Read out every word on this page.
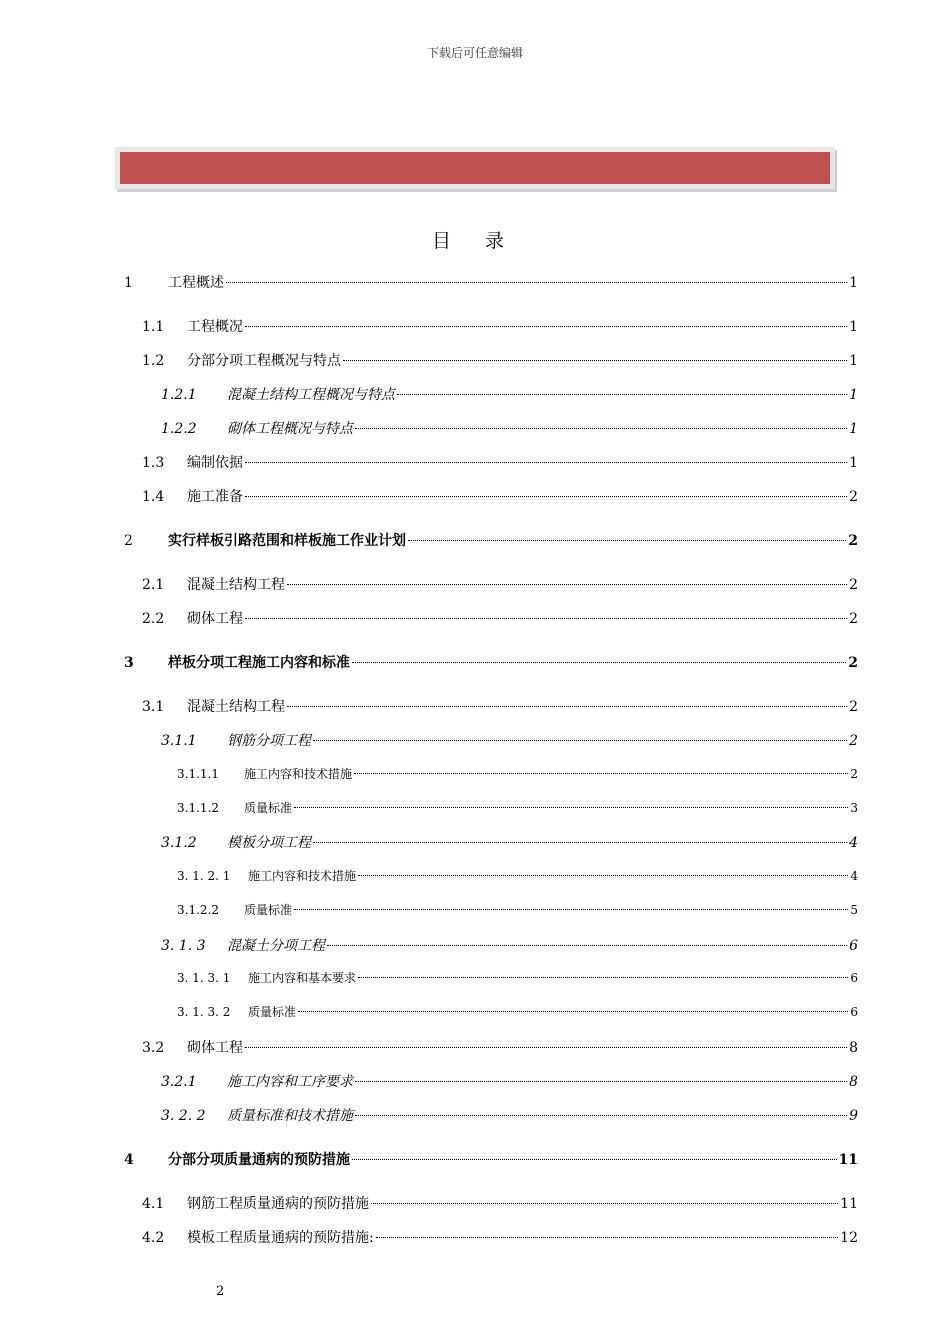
下载后可任意编辑
目 录
1	工程概述	1
1.1	工程概况	1
1.2	分部分项工程概况与特点	1
1.2.1	混凝土结构工程概况与特点	1
1.2.2	砌体工程概况与特点	1
1.3	编制依据	1
1.4	施工准备	2
2	实行样板引路范围和样板施工作业计划	2
2.1	混凝土结构工程	2
2.2	砌体工程	2
3	样板分项工程施工内容和标准	2
3.1	混凝土结构工程	2
3.1.1	钢筋分项工程	2
3.1.1.1	施工内容和技术措施	2
3.1.1.2	质量标准	3
3.1.2	模板分项工程	4
3. 1. 2. 1	施工内容和技术措施	4
3.1.2.2	质量标准	5
3. 1. 3	混凝土分项工程	6
3. 1. 3. 1	施工内容和基本要求	6
3. 1. 3. 2	质量标准	6
3.2	砌体工程	8
3.2.1	施工内容和工序要求	8
3. 2. 2	质量标准和技术措施	9
4	分部分项质量通病的预防措施	11
4.1	钢筋工程质量通病的预防措施	11
4.2	模板工程质量通病的预防措施:	12
2
